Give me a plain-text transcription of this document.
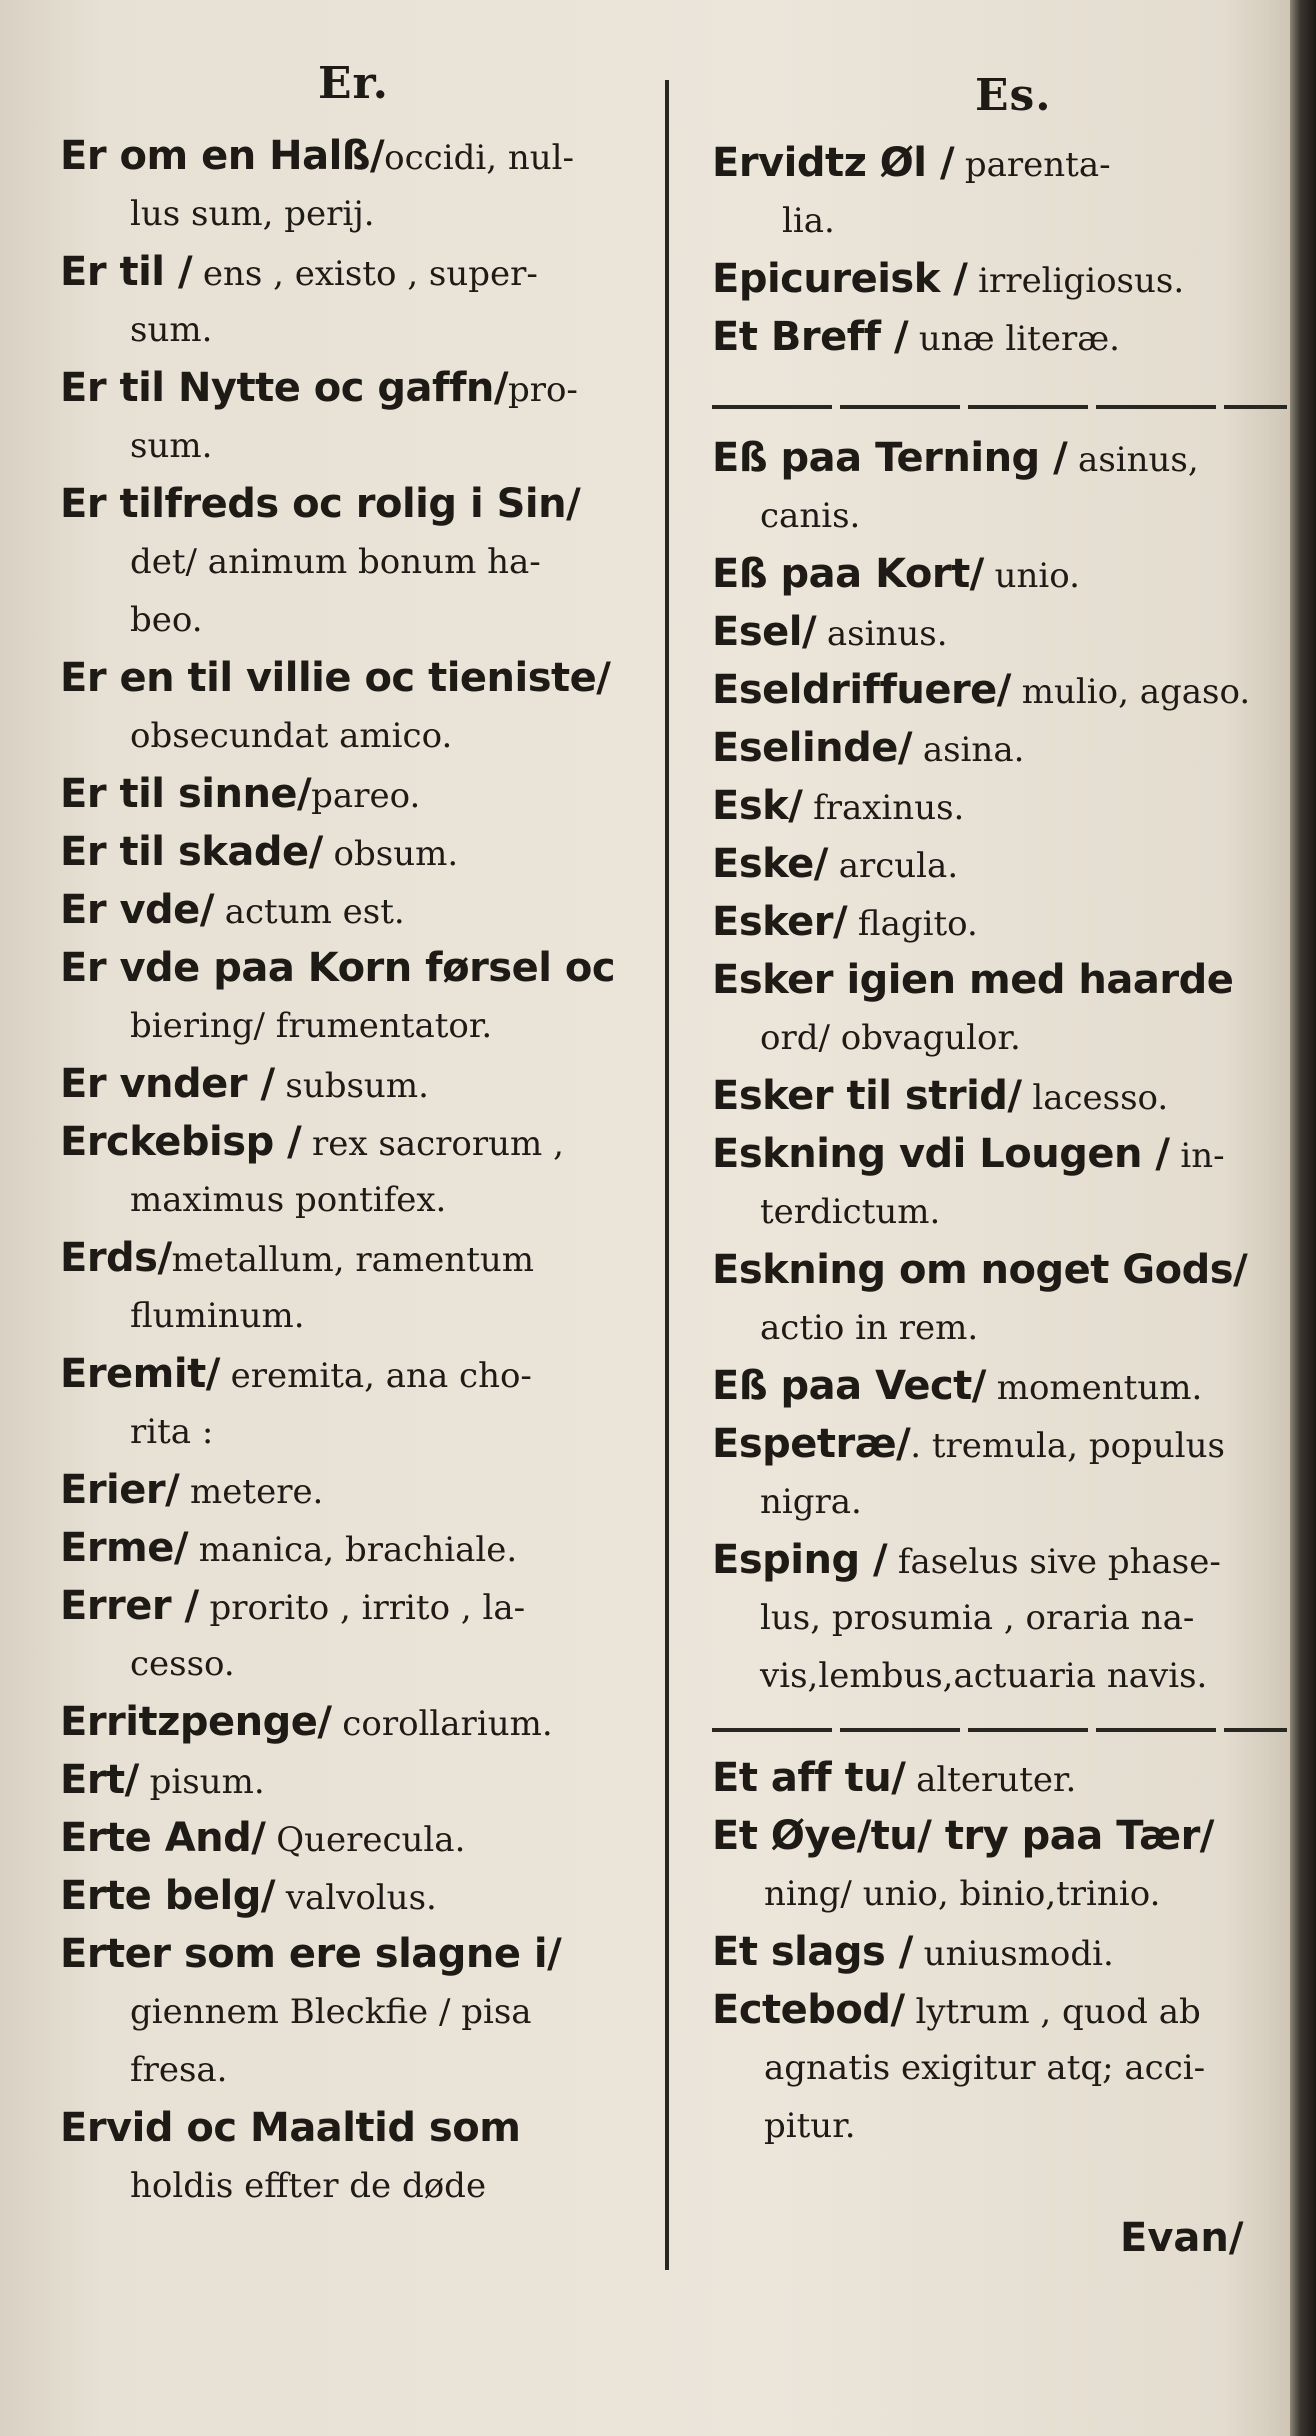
Er.	Es.
Er om en Halß/occidi, nul-
lus sum, perij.
Er til / ens , existo , super-
sum.
Er til Nytte oc gaffn/pro-
sum.
Er tilfreds oc rolig i Sin/
det/ animum bonum ha-
beo.
Er en til villie oc tieniste/
obsecundat amico.
Er til sinne/pareo.
Er til skade/ obsum.
Er vde/ actum est.
Er vde paa Korn førsel oc
biering/ frumentator.
Er vnder / subsum.
Erckebisp / rex sacrorum ,
maximus pontifex.
Erds/metallum, ramentum
fluminum.
Eremit/ eremita, ana cho-
rita :
Erier/ metere.
Erme/ manica, brachiale.
Errer / prorito , irrito , la-
cesso.
Erritzpenge/ corollarium.
Ert/ pisum.
Erte And/ Querecula.
Erte belg/ valvolus.
Erter som ere slagne i/
giennem Bleckfie / pisa
fresa.
Ervid oc Maaltid som
holdis effter de døde
Ervidtz Øl / parenta-
lia.
Epicureisk / irreligiosus.
Et Breff / unæ literæ.
Eß paa Terning / asinus,
canis.
Eß paa Kort/ unio.
Esel/ asinus.
Eseldriffuere/ mulio, agaso.
Eselinde/ asina.
Esk/ fraxinus.
Eske/ arcula.
Esker/ flagito.
Esker igien med haarde
ord/ obvagulor.
Esker til strid/ lacesso.
Eskning vdi Lougen / in-
terdictum.
Eskning om noget Gods/
actio in rem.
Eß paa Vect/ momentum.
Espetræ/. tremula, populus
nigra.
Esping / faselus sive phase-
lus, prosumia , oraria na-
vis,lembus,actuaria navis.
Et aff tu/ alteruter.
Et Øye/tu/ try paa Tær/
ning/ unio, binio,trinio.
Et slags / uniusmodi.
Ectebod/ lytrum , quod ab
agnatis exigitur atq; acci-
pitur.
Evan/
